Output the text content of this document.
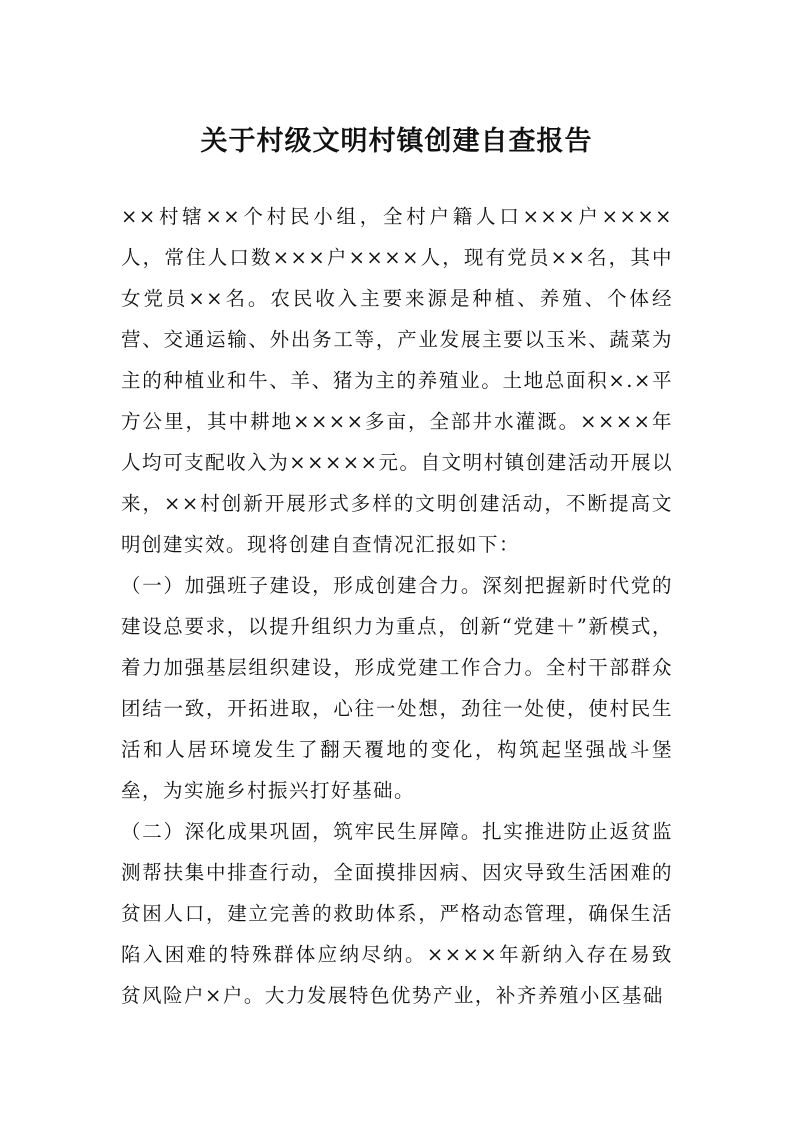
关于村级文明村镇创建自查报告

××村辖××个村民小组，全村户籍人口×××户××××人，常住人口数×××户××××人，现有党员××名，其中女党员××名。农民收入主要来源是种植、养殖、个体经营、交通运输、外出务工等，产业发展主要以玉米、蔬菜为主的种植业和牛、羊、猪为主的养殖业。土地总面积×.×平方公里，其中耕地××××多亩，全部井水灌溉。××××年人均可支配收入为×××××元。自文明村镇创建活动开展以来，××村创新开展形式多样的文明创建活动，不断提高文明创建实效。现将创建自查情况汇报如下：

（一）加强班子建设，形成创建合力。深刻把握新时代党的建设总要求，以提升组织力为重点，创新“党建＋”新模式，着力加强基层组织建设，形成党建工作合力。全村干部群众团结一致，开拓进取，心往一处想，劲往一处使，使村民生活和人居环境发生了翻天覆地的变化，构筑起坚强战斗堡垒，为实施乡村振兴打好基础。

（二）深化成果巩固，筑牢民生屏障。扎实推进防止返贫监测帮扶集中排查行动，全面摸排因病、因灾导致生活困难的贫困人口，建立完善的救助体系，严格动态管理，确保生活陷入困难的特殊群体应纳尽纳。××××年新纳入存在易致贫风险户×户。大力发展特色优势产业，补齐养殖小区基础
